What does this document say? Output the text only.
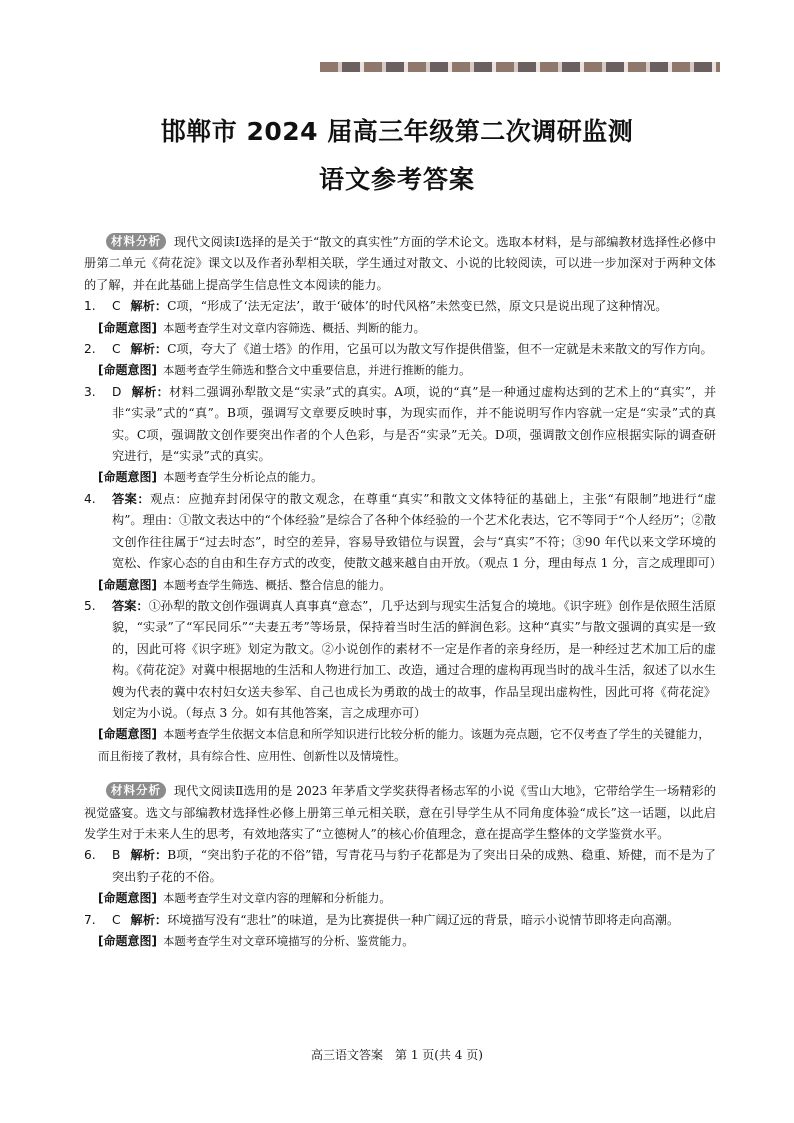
邯郸市 2024 届高三年级第二次调研监测
语文参考答案

材料分析 现代文阅读Ⅰ选择的是关于“散文的真实性”方面的学术论文。选取本材料，是与部编教材选择性必修中册第二单元《荷花淀》课文以及作者孙犁相关联，学生通过对散文、小说的比较阅读，可以进一步加深对于两种文体的了解，并在此基础上提高学生信息性文本阅读的能力。

1. C 解析：C项，“形成了‘法无定法’，敢于‘破体’的时代风格”未然变已然，原文只是说出现了这种情况。

[命题意图] 本题考查学生对文章内容筛选、概括、判断的能力。

2. C 解析：C项，夸大了《道士塔》的作用，它虽可以为散文写作提供借鉴，但不一定就是未来散文的写作方向。

[命题意图] 本题考查学生筛选和整合文中重要信息，并进行推断的能力。

3. D 解析：材料二强调孙犁散文是“实录”式的真实。A项，说的“真”是一种通过虚构达到的艺术上的“真实”，并非“实录”式的“真”。B项，强调写文章要反映时事，为现实而作，并不能说明写作内容就一定是“实录”式的真实。C项，强调散文创作要突出作者的个人色彩，与是否“实录”无关。D项，强调散文创作应根据实际的调查研究进行，是“实录”式的真实。

[命题意图] 本题考查学生分析论点的能力。

4. 答案：观点：应抛弃封闭保守的散文观念，在尊重“真实”和散文文体特征的基础上，主张“有限制”地进行“虚构”。理由：①散文表达中的“个体经验”是综合了各种个体经验的一个艺术化表达，它不等同于“个人经历”；②散文创作往往属于“过去时态”，时空的差异，容易导致错位与误置，会与“真实”不符；③90 年代以来文学环境的宽松、作家心态的自由和生存方式的改变，使散文越来越自由开放。（观点 1 分，理由每点 1 分，言之成理即可）

[命题意图] 本题考查学生筛选、概括、整合信息的能力。

5. 答案：①孙犁的散文创作强调真人真事真“意态”，几乎达到与现实生活复合的境地。《识字班》创作是依照生活原貌，“实录”了“军民同乐”“夫妻五考”等场景，保持着当时生活的鲜润色彩。这种“真实”与散文强调的真实是一致的，因此可将《识字班》划定为散文。②小说创作的素材不一定是作者的亲身经历，是一种经过艺术加工后的虚构。《荷花淀》对冀中根据地的生活和人物进行加工、改造，通过合理的虚构再现当时的战斗生活，叙述了以水生嫂为代表的冀中农村妇女送夫参军、自己也成长为勇敢的战士的故事，作品呈现出虚构性，因此可将《荷花淀》划定为小说。（每点 3 分。如有其他答案，言之成理亦可）

[命题意图] 本题考查学生依据文本信息和所学知识进行比较分析的能力。该题为亮点题，它不仅考查了学生的关键能力，而且衔接了教材，具有综合性、应用性、创新性以及情境性。

材料分析 现代文阅读Ⅱ选用的是 2023 年茅盾文学奖获得者杨志军的小说《雪山大地》，它带给学生一场精彩的视觉盛宴。选文与部编教材选择性必修上册第三单元相关联，意在引导学生从不同角度体验“成长”这一话题，以此启发学生对于未来人生的思考，有效地落实了“立德树人”的核心价值理念，意在提高学生整体的文学鉴赏水平。

6. B 解析：B项，“突出豹子花的不俗”错，写青花马与豹子花都是为了突出日朵的成熟、稳重、矫健，而不是为了突出豹子花的不俗。

[命题意图] 本题考查学生对文章内容的理解和分析能力。

7. C 解析：环境描写没有“悲壮”的味道，是为比赛提供一种广阔辽远的背景，暗示小说情节即将走向高潮。

[命题意图] 本题考查学生对文章环境描写的分析、鉴赏能力。

高三语文答案　第 1 页(共 4 页)
